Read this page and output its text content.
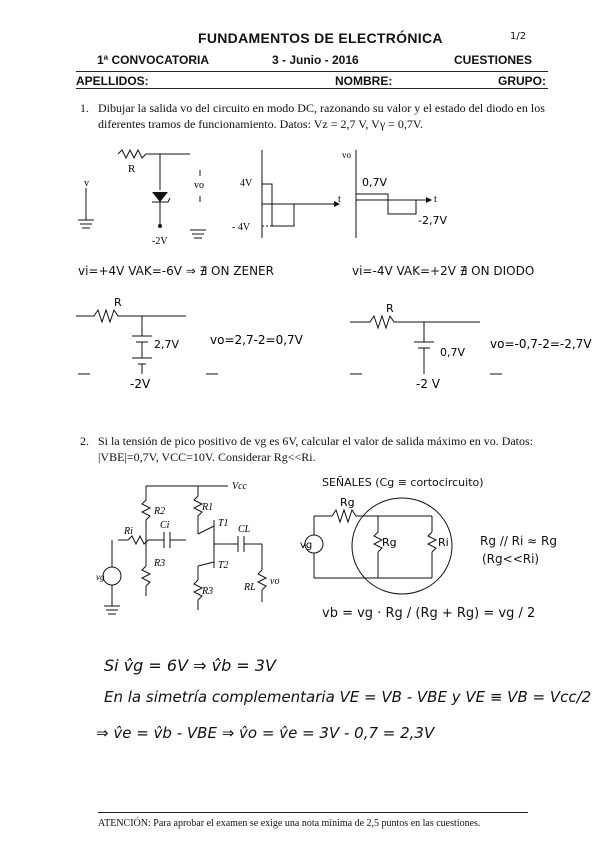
FUNDAMENTOS DE ELECTRÓNICA	1/2
1ª CONVOCATORIA	3 - Junio - 2016	CUESTIONES
APELLIDOS:	NOMBRE:	GRUPO:
1. Dibujar la salida vo del circuito en modo DC, razonando su valor y el estado del diodo en los
diferentes tramos de funcionamiento. Datos: Vz = 2,7 V, Vγ = 0,7V.
R
v	vo
-2V
4V
- 4V
t
vo
0,7V
t
-2,7V
vi=+4V VAK=-6V ⇒ ∄ ON ZENER	vi=-4V VAK=+2V ∄ ON DIODO
R
2,7V
-2V
vo=2,7-2=0,7V
R
0,7V
-2 V
vo=-0,7-2=-2,7V
2. Si la tensión de pico positivo de vg es 6V, calcular el valor de salida máximo en vo. Datos:
|VBE|=0,7V, VCC=10V. Considerar Rg<<Ri.
Vcc
R2	R1
Ri
Ci	T1
CL
R3	T2
R3	RL
vo
vg
SEÑALES (Cg ≡ cortocircuito)
Rg
Rg	Ri
vg	Rg // Ri ≈ Rg
(Rg<<Ri)
vb = vg · Rg / (Rg + Rg) = vg / 2
Si v̂g = 6V ⇒ v̂b = 3V
En la simetría complementaria VE = VB - VBE y VE ≡ VB = Vcc/2
⇒ v̂e = v̂b - VBE ⇒ v̂o = v̂e = 3V - 0,7 = 2,3V
ATENCIÓN: Para aprobar el examen se exige una nota mínima de 2,5 puntos en las cuestiones.
